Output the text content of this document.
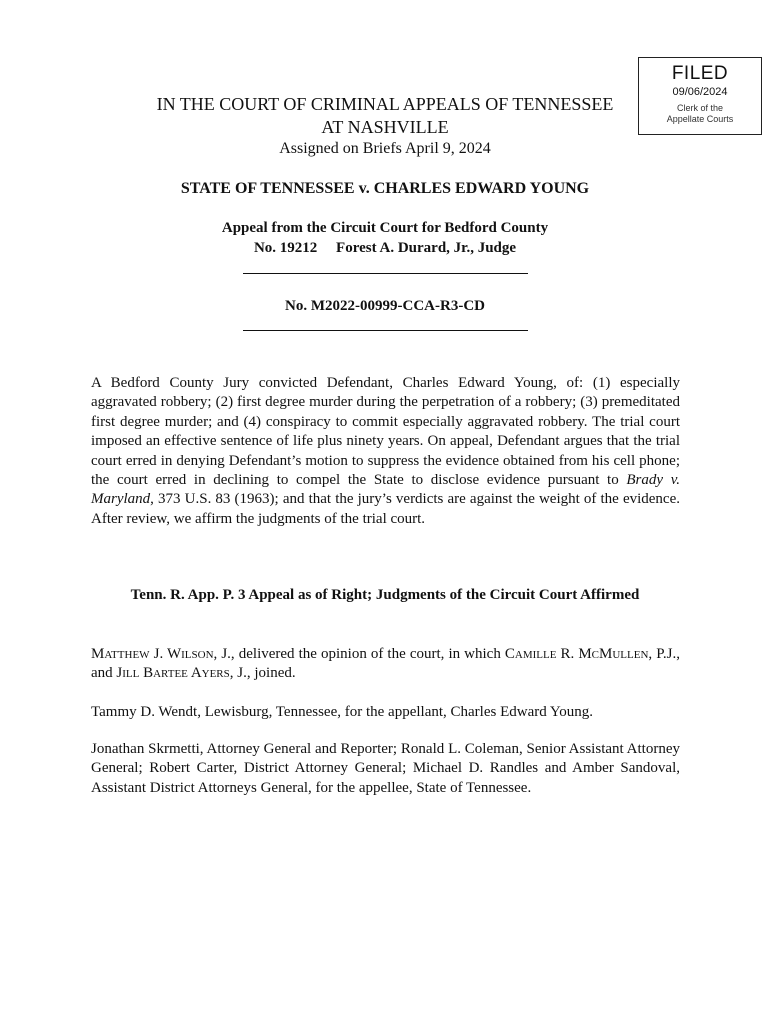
FILED
09/06/2024
Clerk of the
Appellate Courts
IN THE COURT OF CRIMINAL APPEALS OF TENNESSEE
AT NASHVILLE
Assigned on Briefs April 9, 2024
STATE OF TENNESSEE v. CHARLES EDWARD YOUNG
Appeal from the Circuit Court for Bedford County
No. 19212     Forest A. Durard, Jr., Judge
No. M2022-00999-CCA-R3-CD
A Bedford County Jury convicted Defendant, Charles Edward Young, of: (1) especially aggravated robbery; (2) first degree murder during the perpetration of a robbery; (3) premeditated first degree murder; and (4) conspiracy to commit especially aggravated robbery. The trial court imposed an effective sentence of life plus ninety years. On appeal, Defendant argues that the trial court erred in denying Defendant’s motion to suppress the evidence obtained from his cell phone; the court erred in declining to compel the State to disclose evidence pursuant to Brady v. Maryland, 373 U.S. 83 (1963); and that the jury’s verdicts are against the weight of the evidence. After review, we affirm the judgments of the trial court.
Tenn. R. App. P. 3 Appeal as of Right; Judgments of the Circuit Court Affirmed
Matthew J. Wilson, J., delivered the opinion of the court, in which Camille R. McMullen, P.J., and Jill Bartee Ayers, J., joined.
Tammy D. Wendt, Lewisburg, Tennessee, for the appellant, Charles Edward Young.
Jonathan Skrmetti, Attorney General and Reporter; Ronald L. Coleman, Senior Assistant Attorney General; Robert Carter, District Attorney General; Michael D. Randles and Amber Sandoval, Assistant District Attorneys General, for the appellee, State of Tennessee.
